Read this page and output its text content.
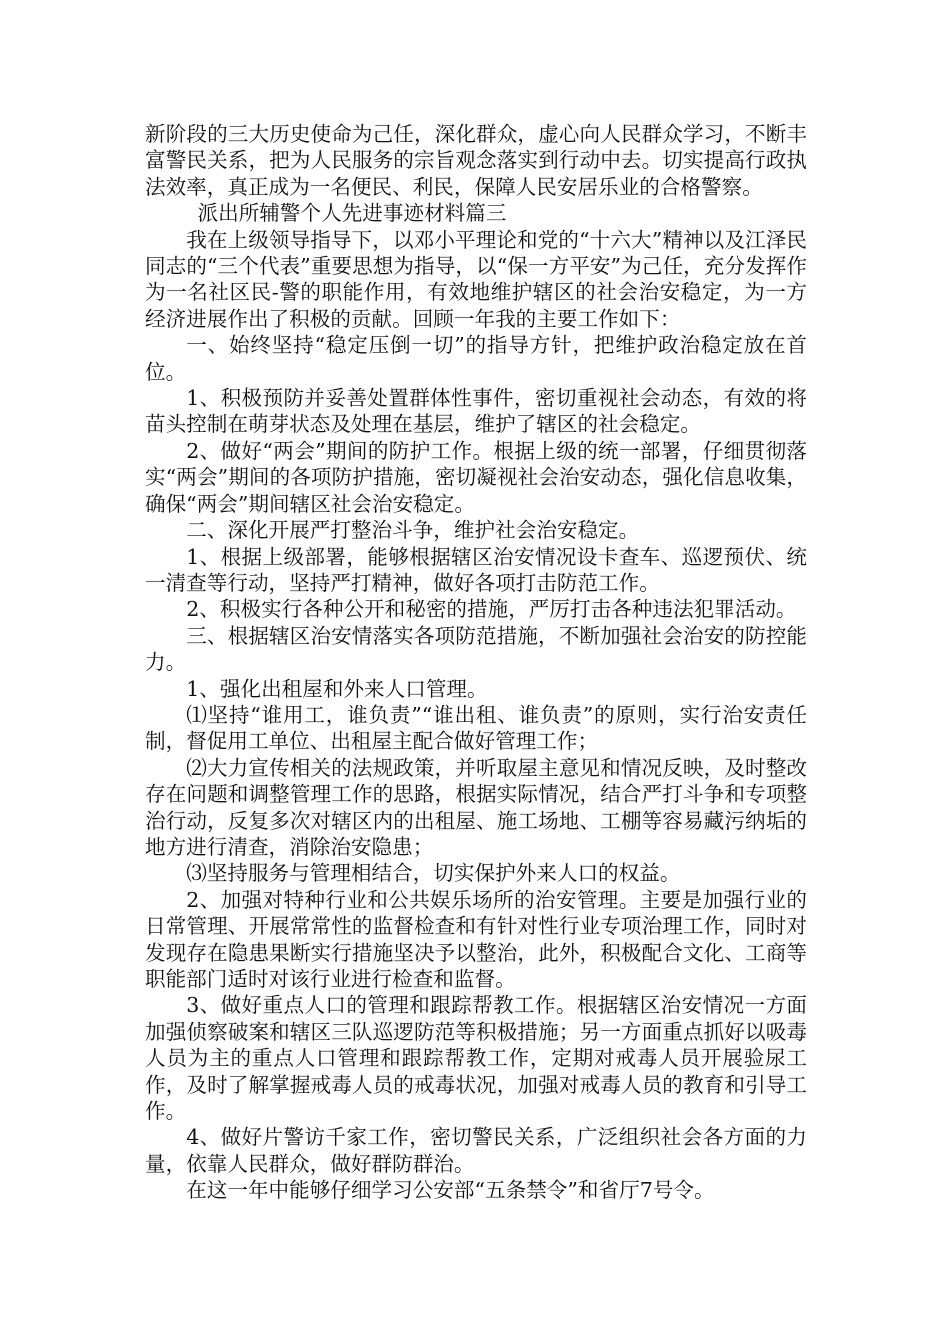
新阶段的三大历史使命为己任，深化群众，虚心向人民群众学习，不断丰富警民关系，把为人民服务的宗旨观念落实到行动中去。切实提高行政执法效率，真正成为一名便民、利民，保障人民安居乐业的合格警察。

派出所辅警个人先进事迹材料篇三

我在上级领导指导下，以邓小平理论和党的“十六大”精神以及江泽民同志的“三个代表”重要思想为指导，以“保一方平安”为己任，充分发挥作为一名社区民-警的职能作用，有效地维护辖区的社会治安稳定，为一方经济进展作出了积极的贡献。回顾一年我的主要工作如下：

一、始终坚持“稳定压倒一切”的指导方针，把维护政治稳定放在首位。

1、积极预防并妥善处置群体性事件，密切重视社会动态，有效的将苗头控制在萌芽状态及处理在基层，维护了辖区的社会稳定。

2、做好“两会”期间的防护工作。根据上级的统一部署，仔细贯彻落实“两会”期间的各项防护措施，密切凝视社会治安动态，强化信息收集，确保“两会”期间辖区社会治安稳定。

二、深化开展严打整治斗争，维护社会治安稳定。

1、根据上级部署，能够根据辖区治安情况设卡查车、巡逻预伏、统一清查等行动，坚持严打精神，做好各项打击防范工作。

2、积极实行各种公开和秘密的措施，严厉打击各种违法犯罪活动。

三、根据辖区治安情落实各项防范措施，不断加强社会治安的防控能力。

1、强化出租屋和外来人口管理。

⑴坚持“谁用工，谁负责”“谁出租、谁负责”的原则，实行治安责任制，督促用工单位、出租屋主配合做好管理工作；

⑵大力宣传相关的法规政策，并听取屋主意见和情况反映，及时整改存在问题和调整管理工作的思路，根据实际情况，结合严打斗争和专项整治行动，反复多次对辖区内的出租屋、施工场地、工棚等容易藏污纳垢的地方进行清查，消除治安隐患；

⑶坚持服务与管理相结合，切实保护外来人口的权益。

2、加强对特种行业和公共娱乐场所的治安管理。主要是加强行业的日常管理、开展常常性的监督检查和有针对性行业专项治理工作，同时对发现存在隐患果断实行措施坚决予以整治，此外，积极配合文化、工商等职能部门适时对该行业进行检查和监督。

3、做好重点人口的管理和跟踪帮教工作。根据辖区治安情况一方面加强侦察破案和辖区三队巡逻防范等积极措施；另一方面重点抓好以吸毒人员为主的重点人口管理和跟踪帮教工作，定期对戒毒人员开展验尿工作，及时了解掌握戒毒人员的戒毒状况，加强对戒毒人员的教育和引导工作。

4、做好片警访千家工作，密切警民关系，广泛组织社会各方面的力量，依靠人民群众，做好群防群治。

在这一年中能够仔细学习公安部“五条禁令”和省厅7号令。
